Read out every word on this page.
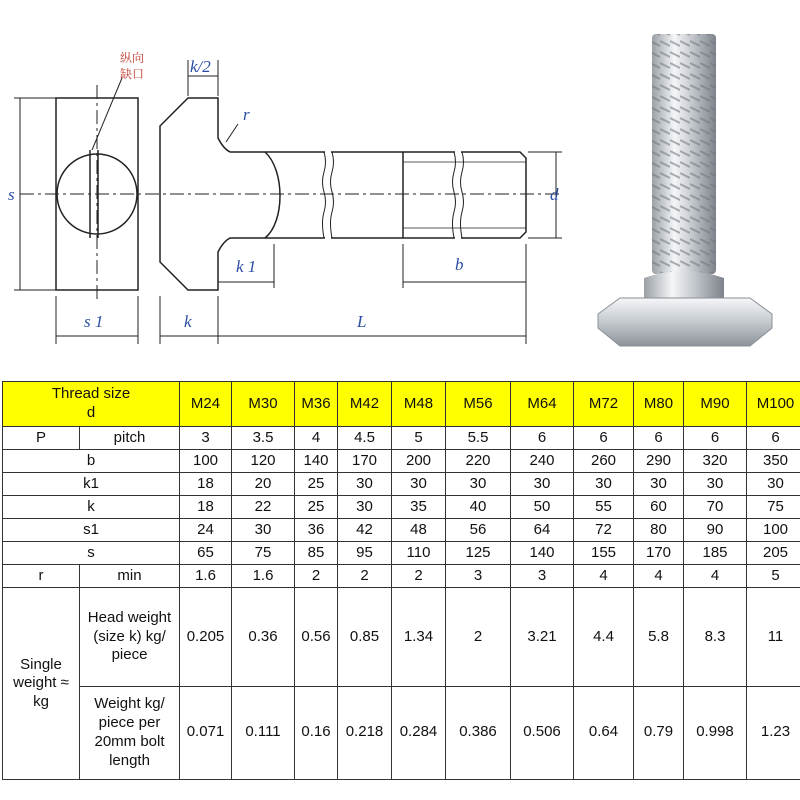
纵向
缺口	k/2
r
s	d
k 1	b
s 1	k	L
Thread size
d		M24	M30	M36	M42	M48	M56	M64	M72	M80	M90	M100
P	pitch	3	3.5	4	4.5	5	5.5	6	6	6	6	6
b		100	120	140	170	200	220	240	260	290	320	350
k1		18	20	25	30	30	30	30	30	30	30	30
k		18	22	25	30	35	40	50	55	60	70	75
s1		24	30	36	42	48	56	64	72	80	90	100
s		65	75	85	95	110	125	140	155	170	185	205
r	min	1.6	1.6	2	2	2	3	3	4	4	4	5
Single weight ≈ kg	Head weight (size k) kg/ piece	0.205	0.36	0.56	0.85	1.34	2	3.21	4.4	5.8	8.3	11
	Weight kg/ piece per 20mm bolt length	0.071	0.111	0.16	0.218	0.284	0.386	0.506	0.64	0.79	0.998	1.23
